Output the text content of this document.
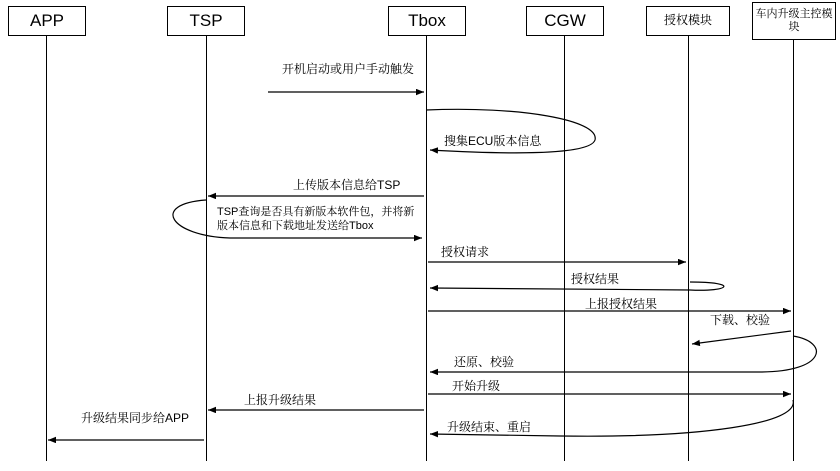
APP	TSP	Tbox	CGW	授权模块	车内升级主控模块
开机启动或用户手动触发
搜集ECU版本信息
上传版本信息给TSP
TSP查询是否具有新版本软件包，并将新版本信息和下载地址发送给Tbox
授权请求
授权结果
上报授权结果
下载、校验
还原、校验
开始升级
上报升级结果
升级结束、重启
升级结果同步给APP
